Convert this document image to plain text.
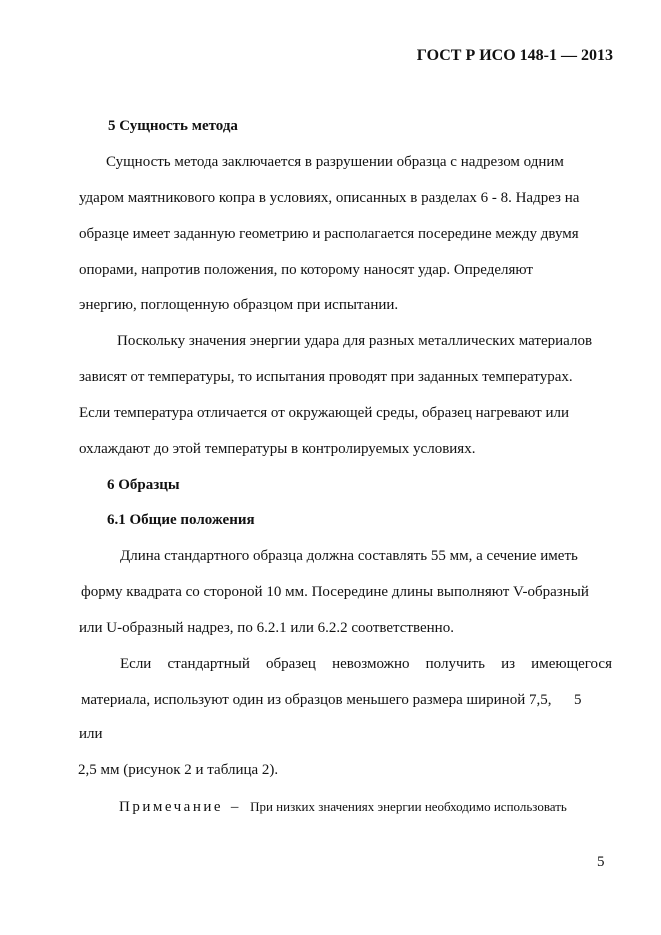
ГОСТ Р ИСО 148-1 — 2013
5 Сущность метода
Сущность метода заключается в разрушении образца с надрезом одним
ударом маятникового копра в условиях, описанных в разделах 6 - 8. Надрез на
образце имеет заданную геометрию и располагается посередине между двумя
опорами, напротив положения, по которому наносят удар. Определяют
энергию, поглощенную образцом при испытании.
Поскольку значения энергии удара для разных металлических материалов
зависят от температуры, то испытания проводят при заданных температурах.
Если температура отличается от окружающей среды, образец нагревают или
охлаждают до этой температуры в контролируемых условиях.
6 Образцы
6.1 Общие положения
Длина стандартного образца должна составлять 55 мм, а сечение иметь
форму квадрата со стороной 10 мм. Посередине длины выполняют V-образный
или U-образный надрез, по 6.2.1 или 6.2.2 соответственно.
Если стандартный образец невозможно получить из имеющегося
материала, используют один из образцов меньшего размера шириной 7,5,      5
или
2,5 мм (рисунок 2 и таблица 2).
Примечание – При низких значениях энергии необходимо использовать
5
